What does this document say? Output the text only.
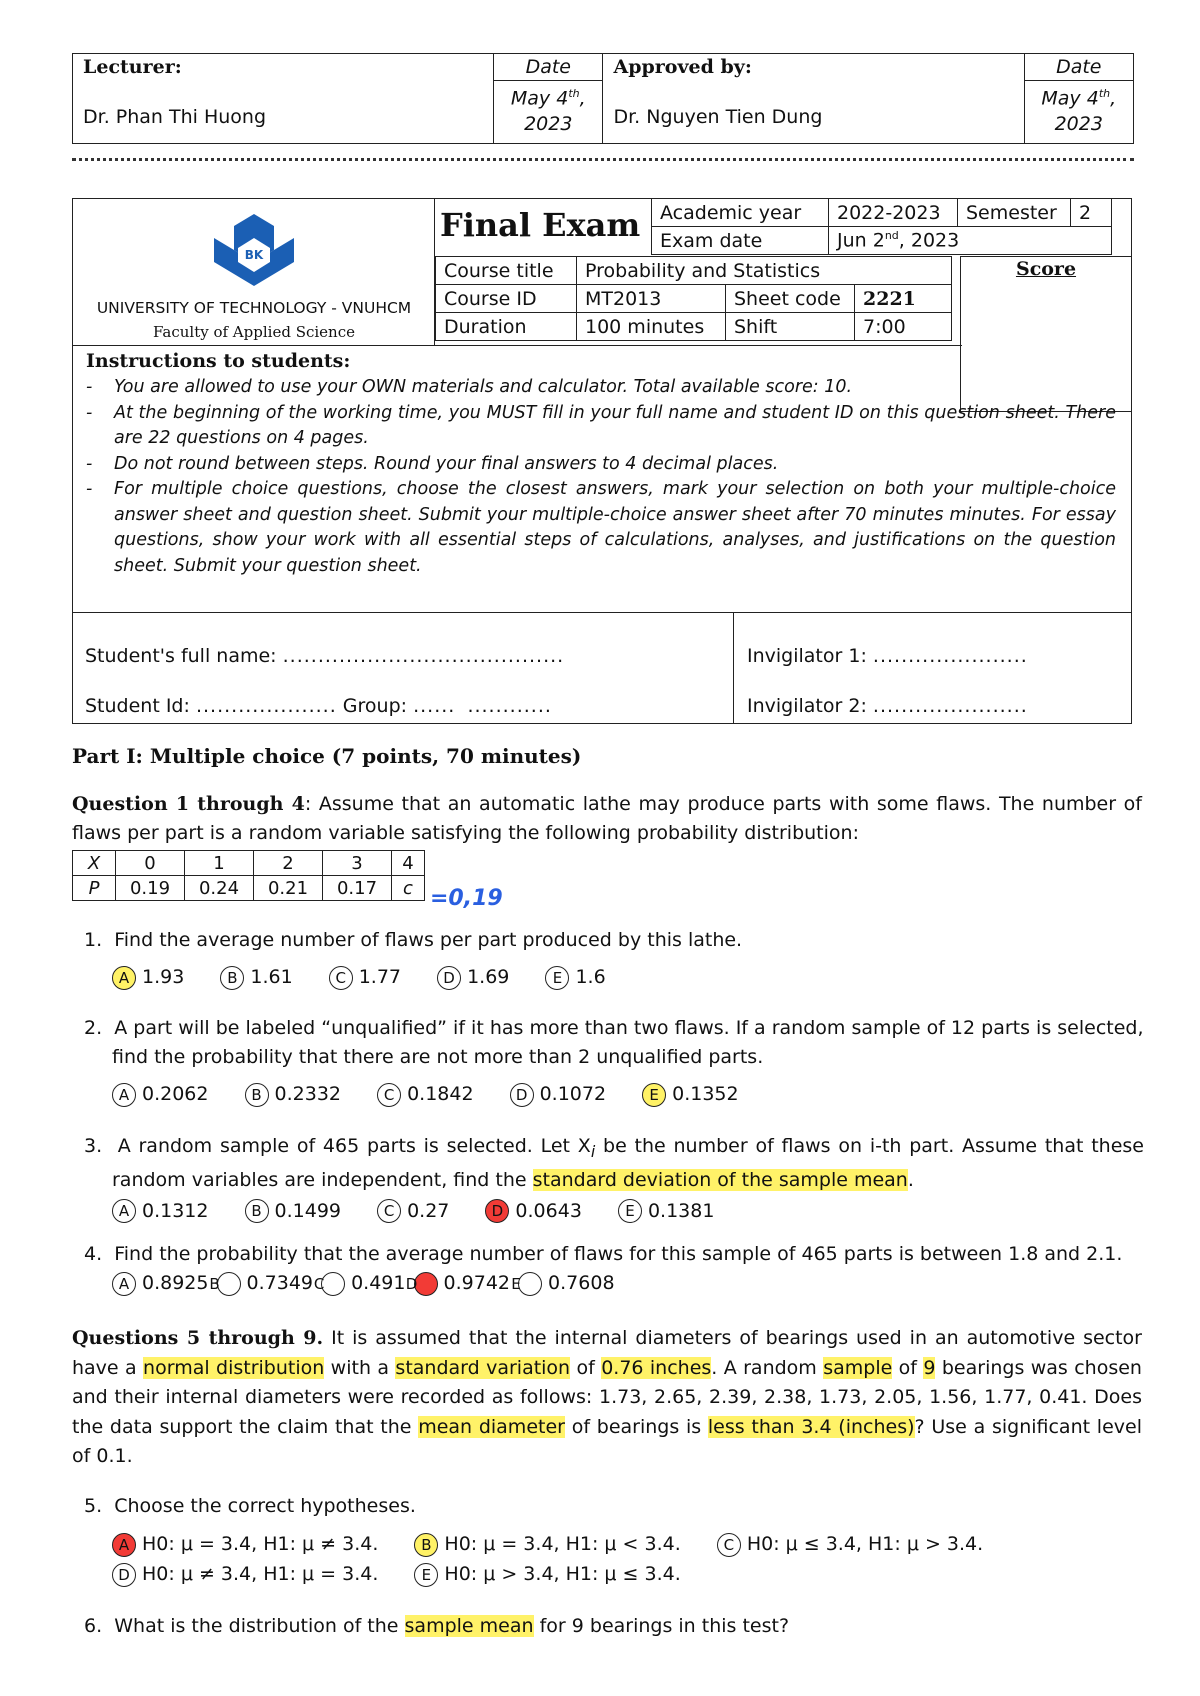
Lecturer:
Dr. Phan Thi Huong

Date
May 4th,
2023

Approved by:
Dr. Nguyen Tien Dung

Date
May 4th,
2023
BK
UNIVERSITY OF TECHNOLOGY - VNUHCM
Faculty of Applied Science
Final Exam Academic year	2022-2023	Semester	2
Exam date	Jun 2nd, 2023		
Course title	Probability and Statistics		
Course ID	MT2013	Sheet code	2221
Duration	100 minutes	Shift	7:00
Score
Instructions to students:
-	You are allowed to use your OWN materials and calculator. Total available score: 10.
-	At the beginning of the working time, you MUST fill in your full name and student ID on this question sheet. There are 22 questions on 4 pages.
-	Do not round between steps. Round your final answers to 4 decimal places.
-	For multiple choice questions, choose the closest answers, mark your selection on both your multiple-choice answer sheet and question sheet. Submit your multiple-choice answer sheet after 70 minutes minutes. For essay questions, show your work with all essential steps of calculations, analyses, and justifications on the question sheet. Submit your question sheet.
Student's full name: ........................................
Student Id: .................... Group: ...... ............
Invigilator 1: ......................
Invigilator 2: ......................
Part I: Multiple choice (7 points, 70 minutes)
Question 1 through 4: Assume that an automatic lathe may produce parts with some flaws. The number of flaws per part is a random variable satisfying the following probability distribution:
X	0	1	2	3	4
P	0.19	0.24	0.21	0.17	c =0,19
1. Find the average number of flaws per part produced by this lathe.
A 1.93	B 1.61	C 1.77	D 1.69	E 1.6
2. A part will be labeled “unqualified” if it has more than two flaws. If a random sample of 12 parts is selected, find the probability that there are not more than 2 unqualified parts.
A 0.2062	B 0.2332	C 0.1842	D 0.1072	E 0.1352
3. A random sample of 465 parts is selected. Let $X_i$ be the number of flaws on i-th part. Assume that these random variables are independent, find the standard deviation of the sample mean.
A 0.1312	B 0.1499	C 0.27	D 0.0643	E 0.1381
4. Find the probability that the average number of flaws for this sample of 465 parts is between 1.8 and 2.1.  A 0.8925 B 0.7349 C 0.491 D 0.9742 E 0.7608
Questions 5 through 9. It is assumed that the internal diameters of bearings used in an automotive sector have a normal distribution with a standard variation of 0.76 inches. A random sample of 9 bearings was chosen and their internal diameters were recorded as follows: 1.73, 2.65, 2.39, 2.38, 1.73, 2.05, 1.56, 1.77, 0.41. Does the data support the claim that the mean diameter of bearings is less than 3.4 (inches)? Use a significant level of 0.1.
5. Choose the correct hypotheses.
A H0: μ = 3.4, H1: μ ≠ 3.4.	B H0: μ = 3.4, H1: μ < 3.4.	C H0: μ ≤ 3.4, H1: μ > 3.4.
D H0: μ ≠ 3.4, H1: μ = 3.4.	E H0: μ > 3.4, H1: μ ≤ 3.4.
6. What is the distribution of the sample mean for 9 bearings in this test?
